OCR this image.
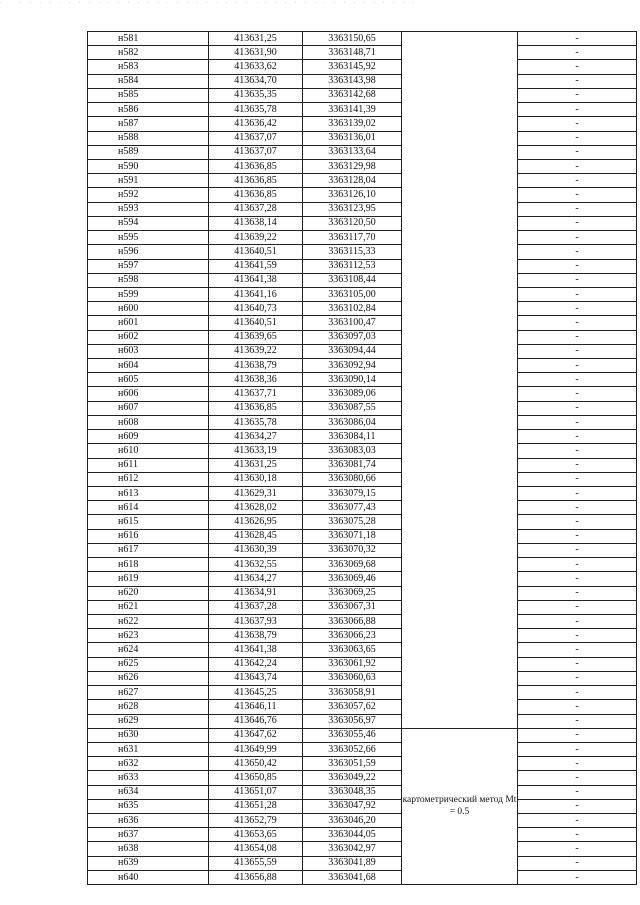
· · · · · · · · · · · · · · · · · · · · · · · · · · · · · · · · · · · · · · · · · · ·
н581	413631,25	3363150,65		-
н582	413631,90	3363148,71		-
н583	413633,62	3363145,92		-
н584	413634,70	3363143,98		-
н585	413635,35	3363142,68		-
н586	413635,78	3363141,39		-
н587	413636,42	3363139,02		-
н588	413637,07	3363136,01		-
н589	413637,07	3363133,64		-
н590	413636,85	3363129,98		-
н591	413636,85	3363128,04		-
н592	413636,85	3363126,10		-
н593	413637,28	3363123,95		-
н594	413638,14	3363120,50		-
н595	413639,22	3363117,70		-
н596	413640,51	3363115,33		-
н597	413641,59	3363112,53		-
н598	413641,38	3363108,44		-
н599	413641,16	3363105,00		-
н600	413640,73	3363102,84		-
н601	413640,51	3363100,47		-
н602	413639,65	3363097,03		-
н603	413639,22	3363094,44		-
н604	413638,79	3363092,94		-
н605	413638,36	3363090,14		-
н606	413637,71	3363089,06		-
н607	413636,85	3363087,55		-
н608	413635,78	3363086,04		-
н609	413634,27	3363084,11		-
н610	413633,19	3363083,03		-
н611	413631,25	3363081,74		-
н612	413630,18	3363080,66		-
н613	413629,31	3363079,15		-
н614	413628,02	3363077,43		-
н615	413626,95	3363075,28		-
н616	413628,45	3363071,18		-
н617	413630,39	3363070,32		-
н618	413632,55	3363069,68		-
н619	413634,27	3363069,46		-
н620	413634,91	3363069,25		-
н621	413637,28	3363067,31		-
н622	413637,93	3363066,88		-
н623	413638,79	3363066,23		-
н624	413641,38	3363063,65		-
н625	413642,24	3363061,92		-
н626	413643,74	3363060,63		-
н627	413645,25	3363058,91		-
н628	413646,11	3363057,62		-
н629	413646,76	3363056,97		-
н630	413647,62	3363055,46	картометрический метод Mt = 0.5	-
н631	413649,99	3363052,66		-
н632	413650,42	3363051,59		-
н633	413650,85	3363049,22		-
н634	413651,07	3363048,35		-
н635	413651,28	3363047,92		-
н636	413652,79	3363046,20		-
н637	413653,65	3363044,05		-
н638	413654,08	3363042,97		-
н639	413655,59	3363041,89		-
н640	413656,88	3363041,68		-
